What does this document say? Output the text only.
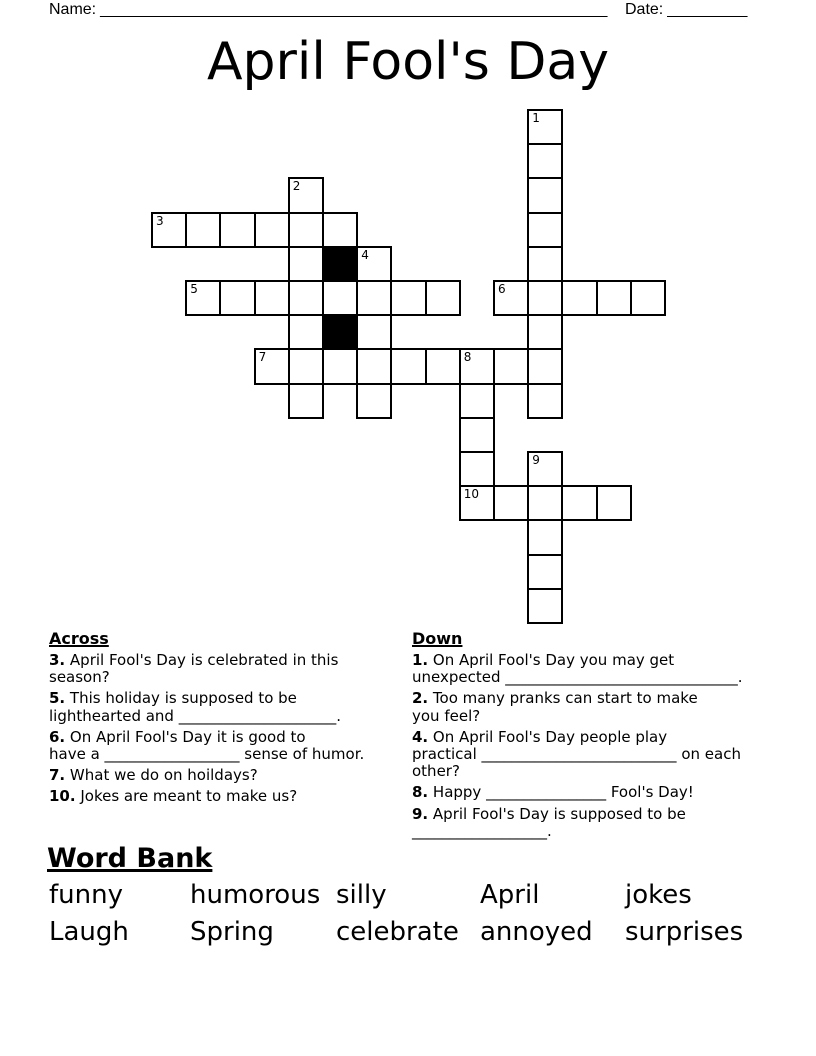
Name: _________________________________________________________ Date: _________
April Fool's Day
1
2
3
4
5	6
7	8
9
10
Across
3. April Fool's Day is celebrated in this
season?
5. This holiday is supposed to be
lighthearted and _____________________.
6. On April Fool's Day it is good to
have a __________________ sense of humor.
7. What we do on hoildays?
10. Jokes are meant to make us?
Down
1. On April Fool's Day you may get
unexpected _______________________________.
2. Too many pranks can start to make
you feel?
4. On April Fool's Day people play
practical __________________________ on each
other?
8. Happy ________________ Fool's Day!
9. April Fool's Day is supposed to be
__________________.
Word Bank
funny	humorous silly	April	jokes
Laugh Spring celebrate annoyed surprises
